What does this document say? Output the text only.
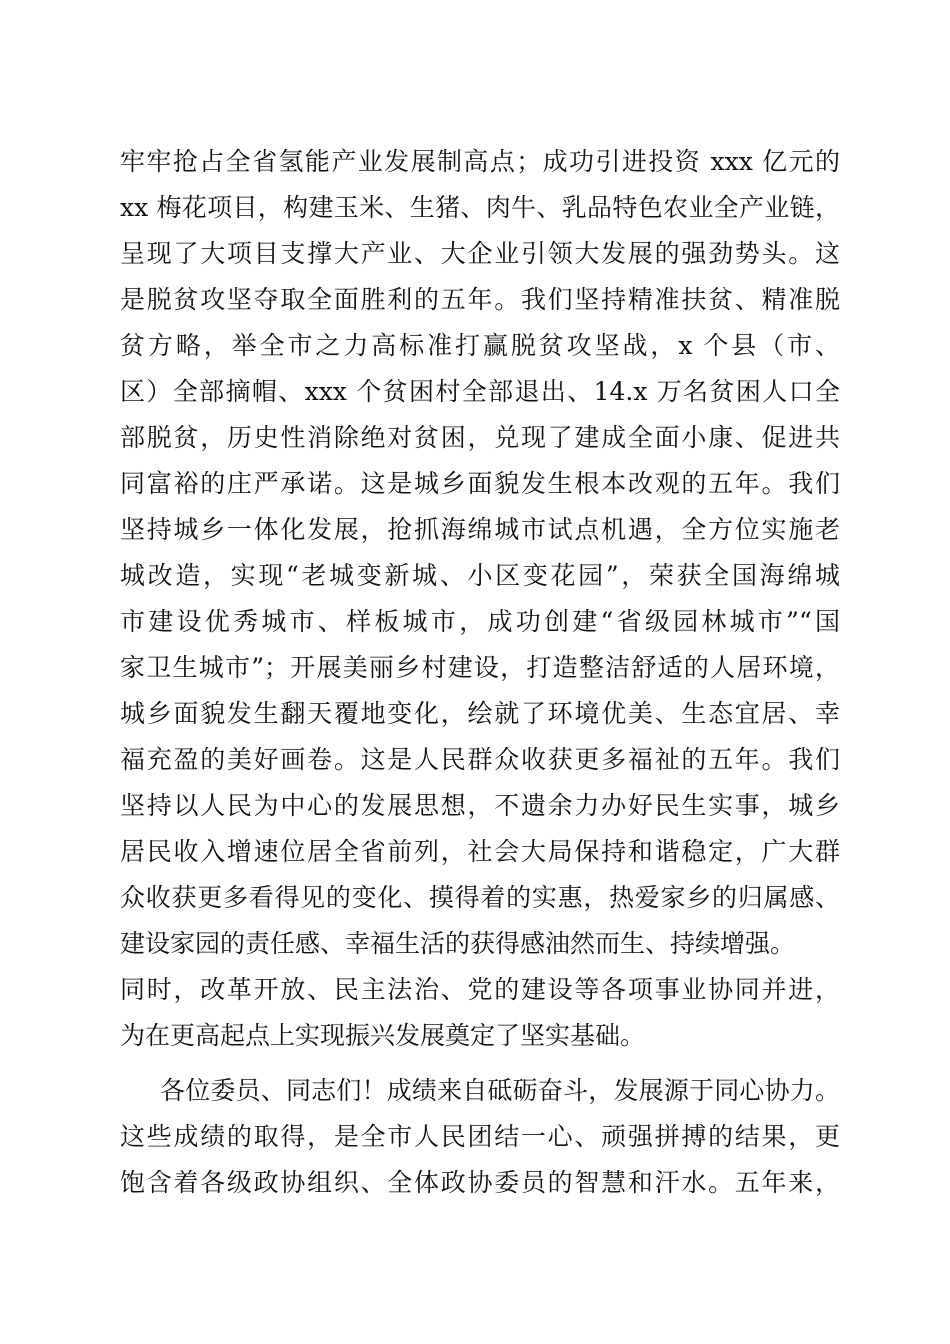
牢牢抢占全省氢能产业发展制高点；成功引进投资 xxx 亿元的
xx 梅花项目，构建玉米、生猪、肉牛、乳品特色农业全产业链，
呈现了大项目支撑大产业、大企业引领大发展的强劲势头。这
是脱贫攻坚夺取全面胜利的五年。我们坚持精准扶贫、精准脱
贫方略，举全市之力高标准打赢脱贫攻坚战，x 个县（市、
区）全部摘帽、xxx 个贫困村全部退出、14.x 万名贫困人口全
部脱贫，历史性消除绝对贫困，兑现了建成全面小康、促进共
同富裕的庄严承诺。这是城乡面貌发生根本改观的五年。我们
坚持城乡一体化发展，抢抓海绵城市试点机遇，全方位实施老
城改造，实现“老城变新城、小区变花园”，荣获全国海绵城
市建设优秀城市、样板城市，成功创建“省级园林城市”“国
家卫生城市”；开展美丽乡村建设，打造整洁舒适的人居环境，
城乡面貌发生翻天覆地变化，绘就了环境优美、生态宜居、幸
福充盈的美好画卷。这是人民群众收获更多福祉的五年。我们
坚持以人民为中心的发展思想，不遗余力办好民生实事，城乡
居民收入增速位居全省前列，社会大局保持和谐稳定，广大群
众收获更多看得见的变化、摸得着的实惠，热爱家乡的归属感、
建设家园的责任感、幸福生活的获得感油然而生、持续增强。
同时，改革开放、民主法治、党的建设等各项事业协同并进，
为在更高起点上实现振兴发展奠定了坚实基础。
各位委员、同志们！成绩来自砥砺奋斗，发展源于同心协力。
这些成绩的取得，是全市人民团结一心、顽强拼搏的结果，更
饱含着各级政协组织、全体政协委员的智慧和汗水。五年来，
